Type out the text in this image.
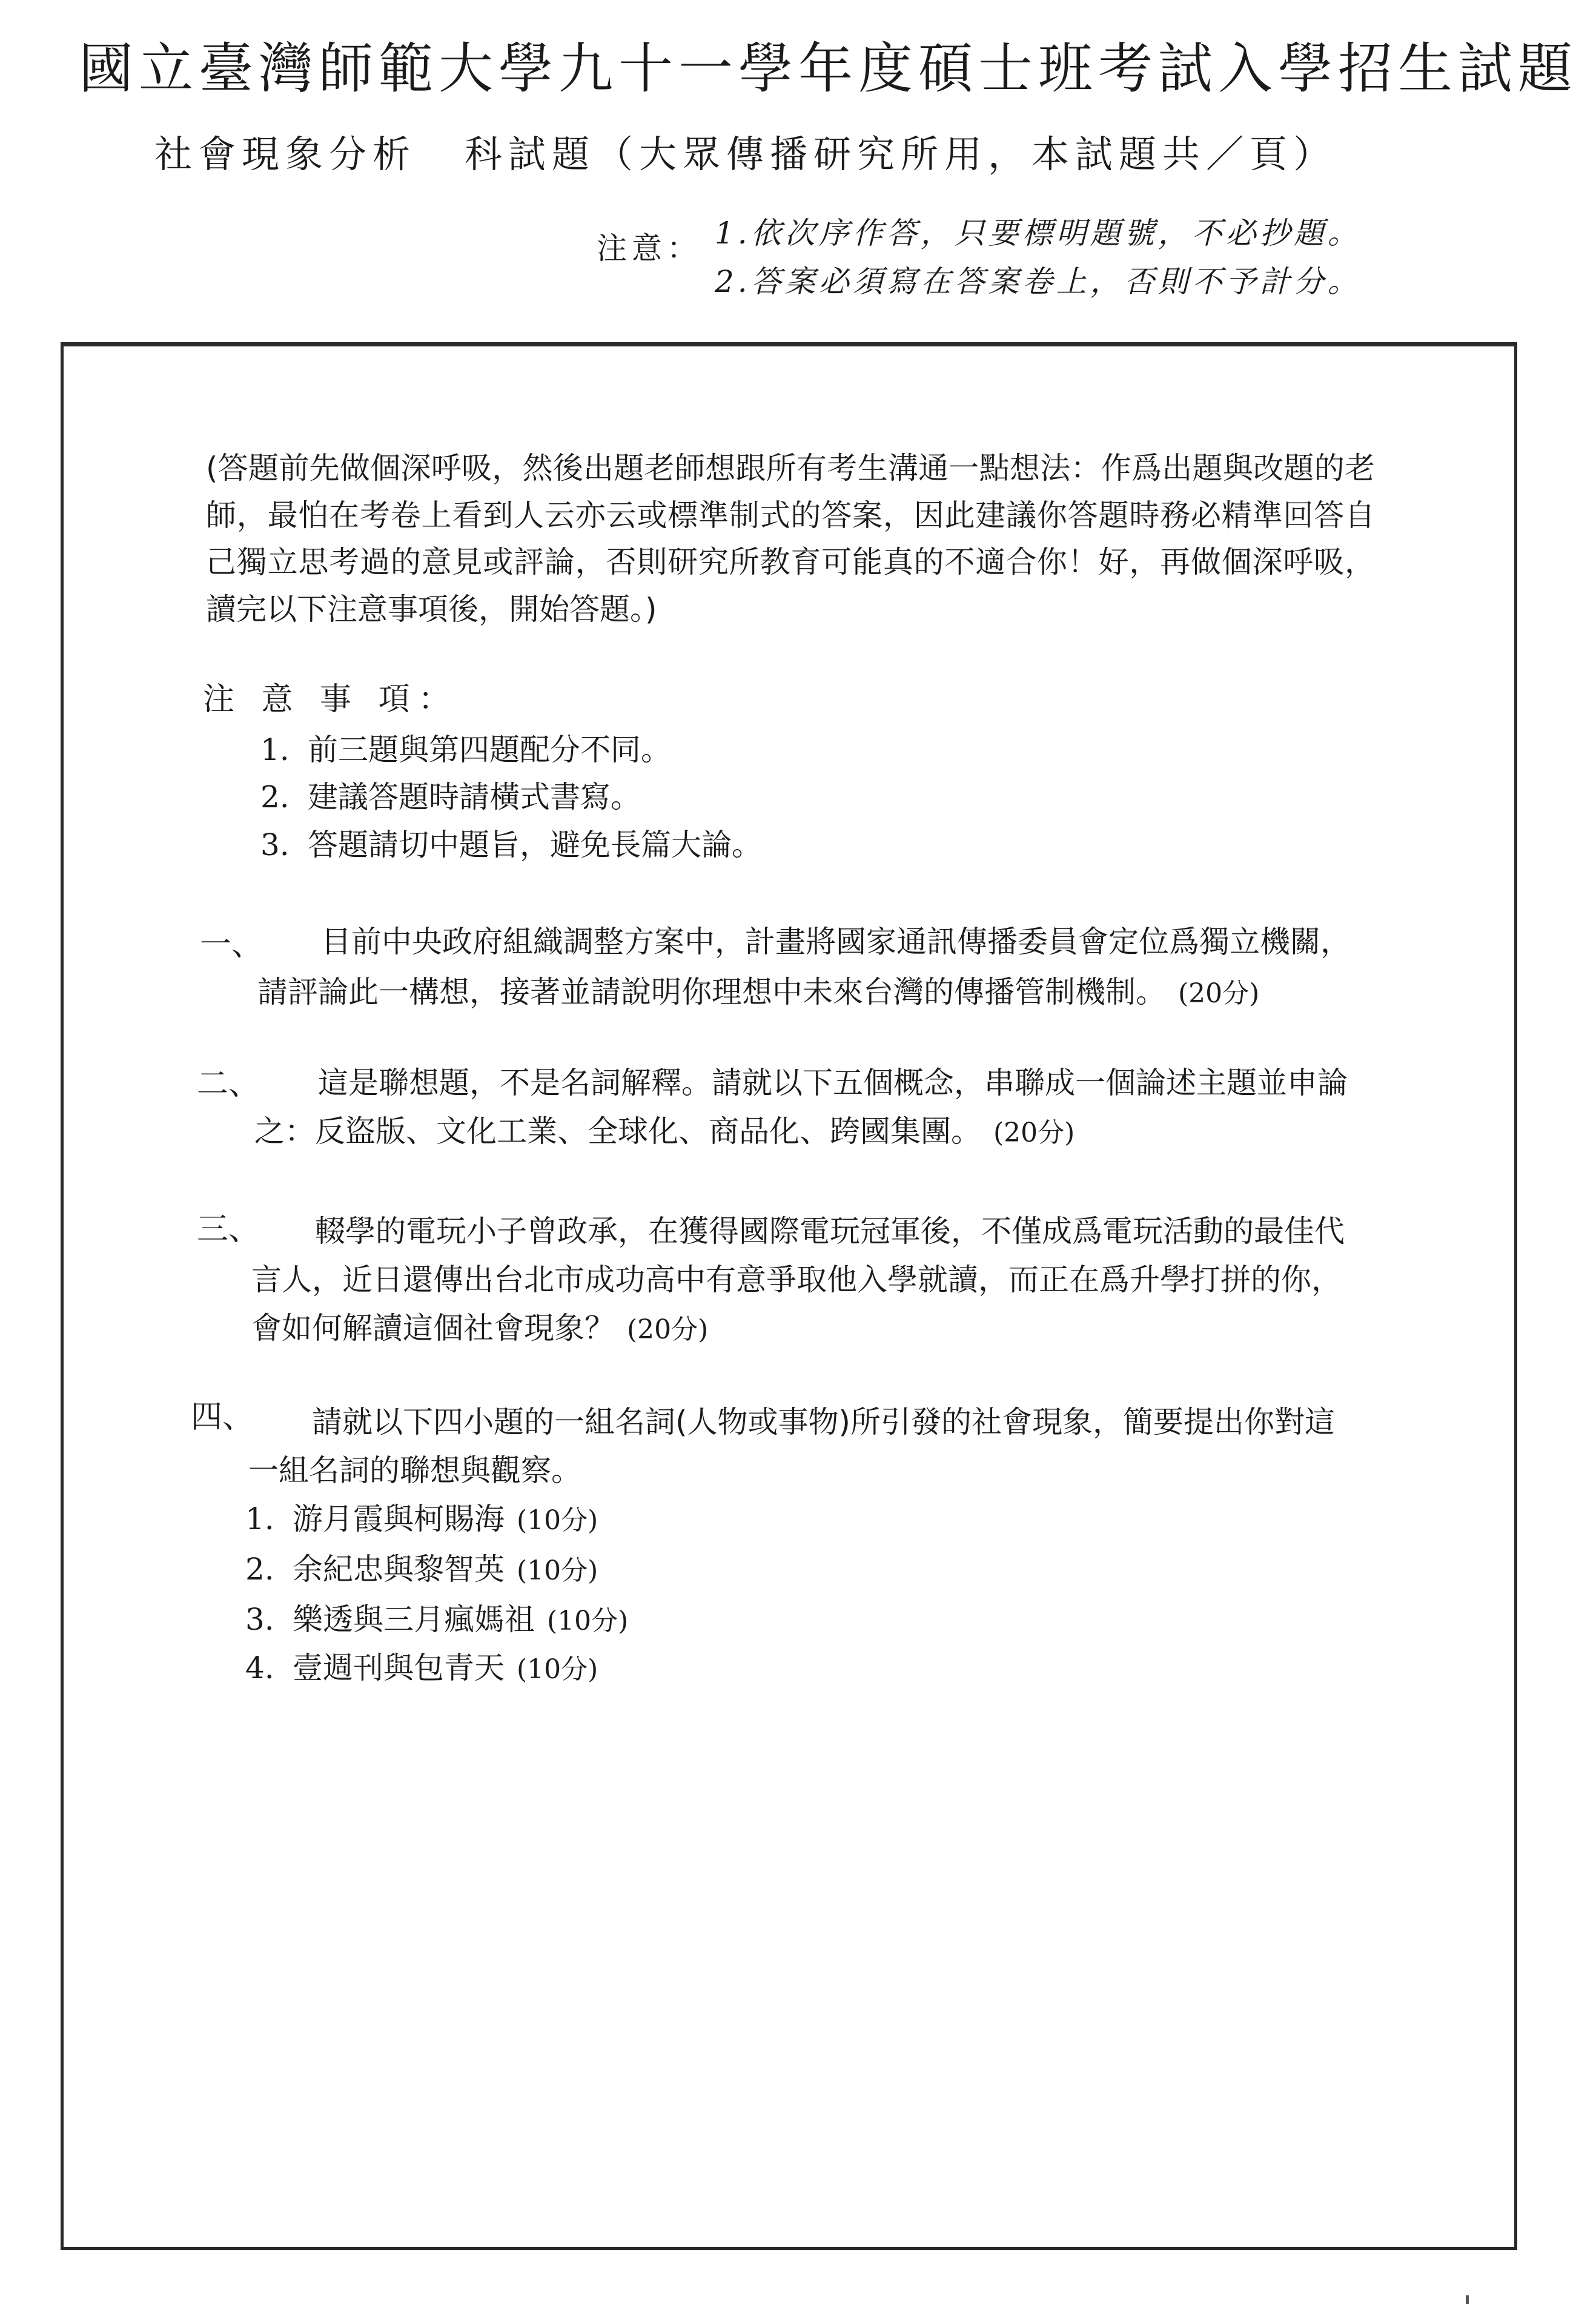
國立臺灣師範大學九十一學年度碩士班考試入學招生試題
社會現象分析 科試題（大眾傳播研究所用，本試題共／頁）
注意： 1.依次序作答，只要標明題號，不必抄題。
2.答案必須寫在答案卷上，否則不予計分。
(答題前先做個深呼吸，然後出題老師想跟所有考生溝通一點想法：作爲出題與改題的老師，最怕在考卷上看到人云亦云或標準制式的答案，因此建議你答題時務必精準回答自己獨立思考過的意見或評論，否則研究所教育可能真的不適合你！好，再做個深呼吸，讀完以下注意事項後，開始答題。)
注 意 事 項：
1. 前三題與第四題配分不同。
2. 建議答題時請橫式書寫。
3. 答題請切中題旨，避免長篇大論。
一、 目前中央政府組織調整方案中，計畫將國家通訊傳播委員會定位爲獨立機關，
請評論此一構想，接著並請說明你理想中未來台灣的傳播管制機制。 (20分)
二、 這是聯想題，不是名詞解釋。請就以下五個概念，串聯成一個論述主題並申論
之：反盜版、文化工業、全球化、商品化、跨國集團。 (20分)
三、 輟學的電玩小子曾政承，在獲得國際電玩冠軍後，不僅成爲電玩活動的最佳代
言人，近日還傳出台北市成功高中有意爭取他入學就讀，而正在爲升學打拼的你，
會如何解讀這個社會現象？ (20分)
四、 請就以下四小題的一組名詞(人物或事物)所引發的社會現象，簡要提出你對這
一組名詞的聯想與觀察。
1. 游月霞與柯賜海 (10分)
2. 余紀忠與黎智英 (10分)
3. 樂透與三月瘋媽祖 (10分)
4. 壹週刊與包青天 (10分)
